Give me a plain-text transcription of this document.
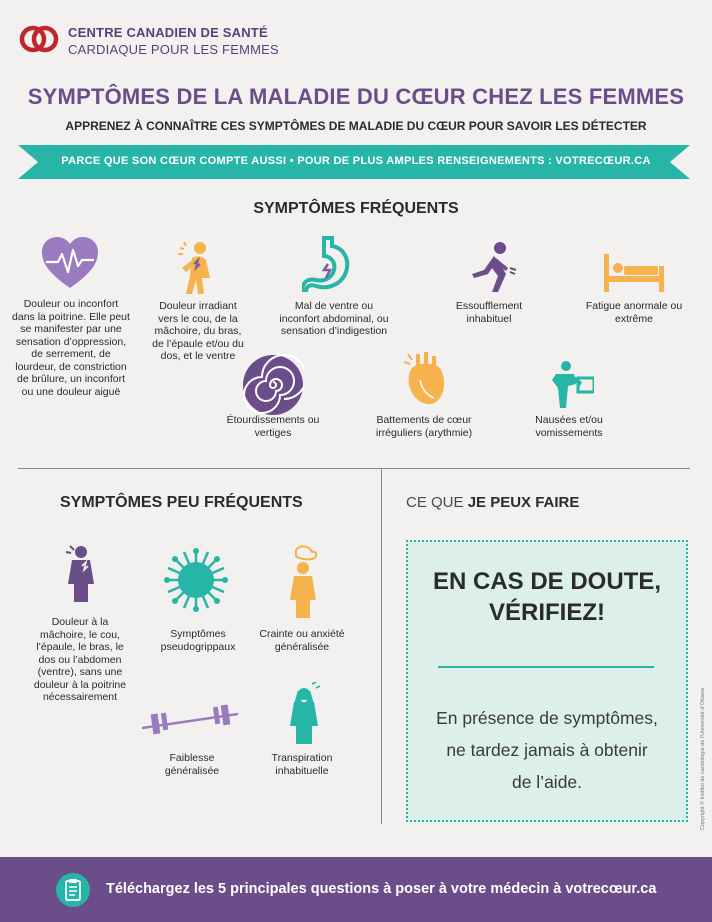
CENTRE CANADIEN DE SANTÉ
CARDIAQUE POUR LES FEMMES
SYMPTÔMES DE LA MALADIE DU CŒUR CHEZ LES FEMMES
APPRENEZ À CONNAÎTRE CES SYMPTÔMES DE MALADIE DU CŒUR POUR SAVOIR LES DÉTECTER
PARCE QUE SON CŒUR COMPTE AUSSI • POUR DE PLUS AMPLES RENSEIGNEMENTS : VOTRECŒUR.CA
SYMPTÔMES FRÉQUENTS
Douleur ou inconfort dans la poitrine. Elle peut se manifester par une sensation d’oppression, de serrement, de lourdeur, de constriction de brûlure, un inconfort ou une douleur aiguë
Douleur irradiant vers le cou, de la mâchoire, du bras, de l’épaule et/ou du dos, et le ventre
Mal de ventre ou inconfort abdominal, ou sensation d’indigestion
Essoufflement inhabituel
Fatigue anormale ou extrême
Étourdissements ou vertiges
Battements de cœur irréguliers (arythmie)
Nausées et/ou vomissements
SYMPTÔMES PEU FRÉQUENTS
Douleur à la mâchoire, le cou, l’épaule, le bras, le dos ou l’abdomen (ventre), sans une douleur à la poitrine nécessairement
Symptômes pseudogrippaux
Crainte ou anxiété généralisée
Faiblesse généralisée
Transpiration inhabituelle
CE QUE JE PEUX FAIRE
EN CAS DE DOUTE,
VÉRIFIEZ!
En présence de symptômes,
ne tardez jamais à obtenir
de l’aide.	Copyright © Institut de cardiologie de l’Université d’Ottawa
Téléchargez les 5 principales questions à poser à votre médecin à votrecœur.ca
